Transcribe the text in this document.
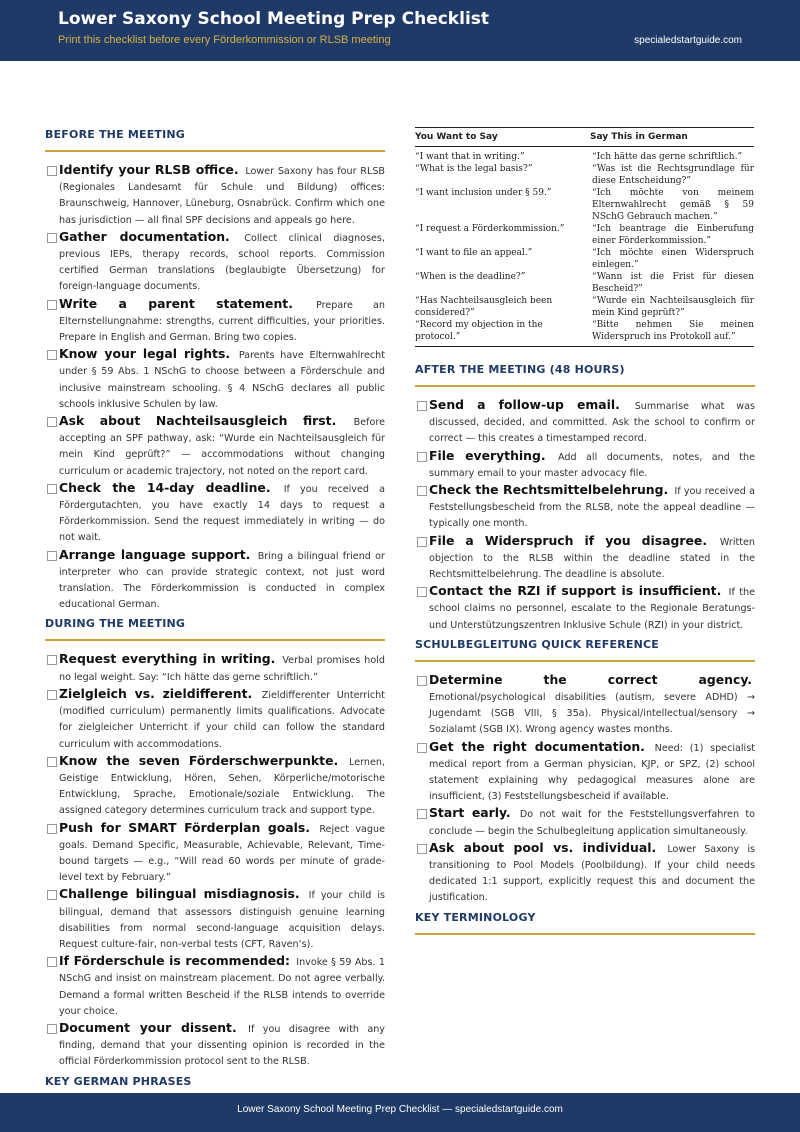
Lower Saxony School Meeting Prep Checklist
Print this checklist before every Förderkommission or RLSB meeting	specialedstartguide.com
BEFORE THE MEETING
Identify your RLSB office. Lower Saxony has four RLSB (Regionales Landesamt für Schule und Bildung) offices: Braunschweig, Hannover, Lüneburg, Osnabrück. Confirm which one has jurisdiction — all final SPF decisions and appeals go here.
Gather documentation. Collect clinical diagnoses, previous IEPs, therapy records, school reports. Commission certified German translations (beglaubigte Übersetzung) for foreign-language documents.
Write a parent statement. Prepare an Elternstellungnahme: strengths, current difficulties, your priorities. Prepare in English and German. Bring two copies.
Know your legal rights. Parents have Elternwahlrecht under § 59 Abs. 1 NSchG to choose between a Förderschule and inclusive mainstream schooling. § 4 NSchG declares all public schools inklusive Schulen by law.
Ask about Nachteilsausgleich first. Before accepting an SPF pathway, ask: “Wurde ein Nachteilsausgleich für mein Kind geprüft?” — accommodations without changing curriculum or academic trajectory, not noted on the report card.
Check the 14-day deadline. If you received a Fördergutachten, you have exactly 14 days to request a Förderkommission. Send the request immediately in writing — do not wait.
Arrange language support. Bring a bilingual friend or interpreter who can provide strategic context, not just word translation. The Förderkommission is conducted in complex educational German.
DURING THE MEETING
Request everything in writing. Verbal promises hold no legal weight. Say: “Ich hätte das gerne schriftlich.”
Zielgleich vs. zieldifferent. Zieldifferenter Unterricht (modified curriculum) permanently limits qualifications. Advocate for zielgleicher Unterricht if your child can follow the standard curriculum with accommodations.
Know the seven Förderschwerpunkte. Lernen, Geistige Entwicklung, Hören, Sehen, Körperliche/motorische Entwicklung, Sprache, Emotionale/soziale Entwicklung. The assigned category determines curriculum track and support type.
Push for SMART Förderplan goals. Reject vague goals. Demand Specific, Measurable, Achievable, Relevant, Time-bound targets — e.g., “Will read 60 words per minute of grade-level text by February.”
Challenge bilingual misdiagnosis. If your child is bilingual, demand that assessors distinguish genuine learning disabilities from normal second-language acquisition delays. Request culture-fair, non-verbal tests (CFT, Raven’s).
If Förderschule is recommended: Invoke § 59 Abs. 1 NSchG and insist on mainstream placement. Do not agree verbally. Demand a formal written Bescheid if the RLSB intends to override your choice.
Document your dissent. If you disagree with any finding, demand that your dissenting opinion is recorded in the official Förderkommission protocol sent to the RLSB.
KEY GERMAN PHRASES
You Want to Say	Say This in German
“I want that in writing.”	“Ich hätte das gerne schriftlich.”
“What is the legal basis?”	“Was ist die Rechtsgrundlage für diese Entscheidung?”
“I want inclusion under § 59.”	“Ich möchte von meinem Elternwahlrecht gemäß § 59 NSchG Gebrauch machen.”
“I request a Förderkommission.”	“Ich beantrage die Einberufung einer Förderkommission.”
“I want to file an appeal.”	“Ich möchte einen Widerspruch einlegen.”
“When is the deadline?”	“Wann ist die Frist für diesen Bescheid?”
“Has Nachteilsausgleich been considered?”	“Wurde ein Nachteilsausgleich für mein Kind geprüft?”
“Record my objection in the protocol.”	“Bitte nehmen Sie meinen Widerspruch ins Protokoll auf.”
AFTER THE MEETING (48 HOURS)
Send a follow-up email. Summarise what was discussed, decided, and committed. Ask the school to confirm or correct — this creates a timestamped record.
File everything. Add all documents, notes, and the summary email to your master advocacy file.
Check the Rechtsmittelbelehrung. If you received a Feststellungsbescheid from the RLSB, note the appeal deadline — typically one month.
File a Widerspruch if you disagree. Written objection to the RLSB within the deadline stated in the Rechtsmittelbelehrung. The deadline is absolute.
Contact the RZI if support is insufficient. If the school claims no personnel, escalate to the Regionale Beratungs- und Unterstützungszentren Inklusive Schule (RZI) in your district.
SCHULBEGLEITUNG QUICK REFERENCE
Determine the correct agency. Emotional/psychological disabilities (autism, severe ADHD) → Jugendamt (SGB VIII, § 35a). Physical/intellectual/sensory → Sozialamt (SGB IX). Wrong agency wastes months.
Get the right documentation. Need: (1) specialist medical report from a German physician, KJP, or SPZ, (2) school statement explaining why pedagogical measures alone are insufficient, (3) Feststellungsbescheid if available.
Start early. Do not wait for the Feststellungsverfahren to conclude — begin the Schulbegleitung application simultaneously.
Ask about pool vs. individual. Lower Saxony is transitioning to Pool Models (Poolbildung). If your child needs dedicated 1:1 support, explicitly request this and document the justification.
KEY TERMINOLOGY
Lower Saxony School Meeting Prep Checklist — specialedstartguide.com
